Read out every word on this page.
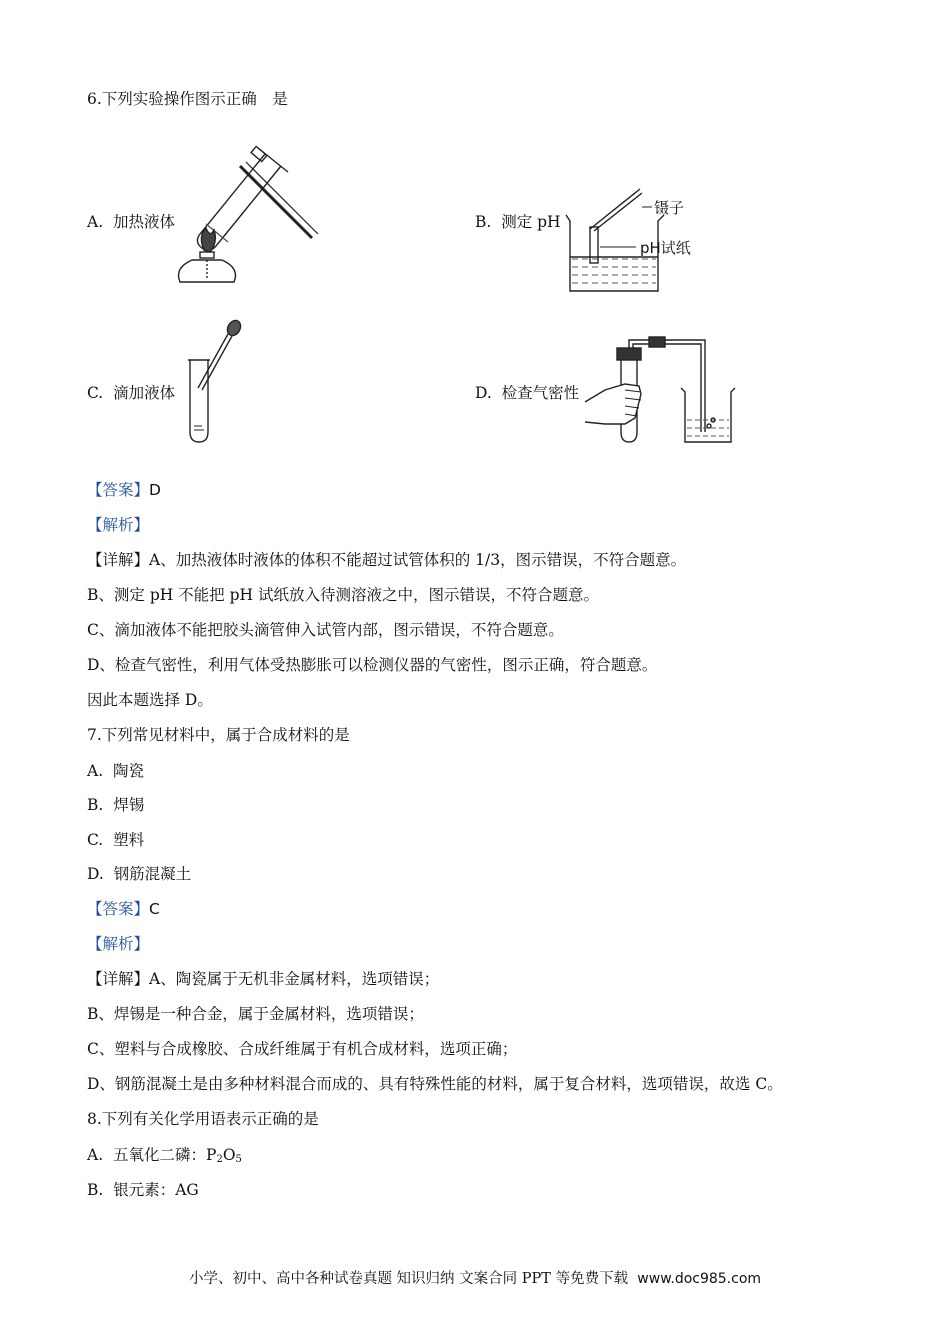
6.下列实验操作图示正确　是
A. 加热液体	B. 测定 pH
镊子
pH试纸
C. 滴加液体	D. 检查气密性
【答案】D
【解析】
【详解】A、加热液体时液体的体积不能超过试管体积的 1/3，图示错误，不符合题意。
B、测定 pH 不能把 pH 试纸放入待测溶液之中，图示错误，不符合题意。
C、滴加液体不能把胶头滴管伸入试管内部，图示错误，不符合题意。
D、检查气密性，利用气体受热膨胀可以检测仪器的气密性，图示正确，符合题意。
因此本题选择 D。
7.下列常见材料中，属于合成材料的是
A. 陶瓷
B. 焊锡
C. 塑料
D. 钢筋混凝土
【答案】C
【解析】
【详解】A、陶瓷属于无机非金属材料，选项错误；
B、焊锡是一种合金，属于金属材料，选项错误；
C、塑料与合成橡胶、合成纤维属于有机合成材料，选项正确；
D、钢筋混凝土是由多种材料混合而成的、具有特殊性能的材料，属于复合材料，选项错误，故选 C。
8.下列有关化学用语表示正确的是
A. 五氧化二磷：$P_2O_5$
B. 银元素：AG
小学、初中、高中各种试卷真题 知识归纳 文案合同 PPT 等免费下载 www.doc985.com
